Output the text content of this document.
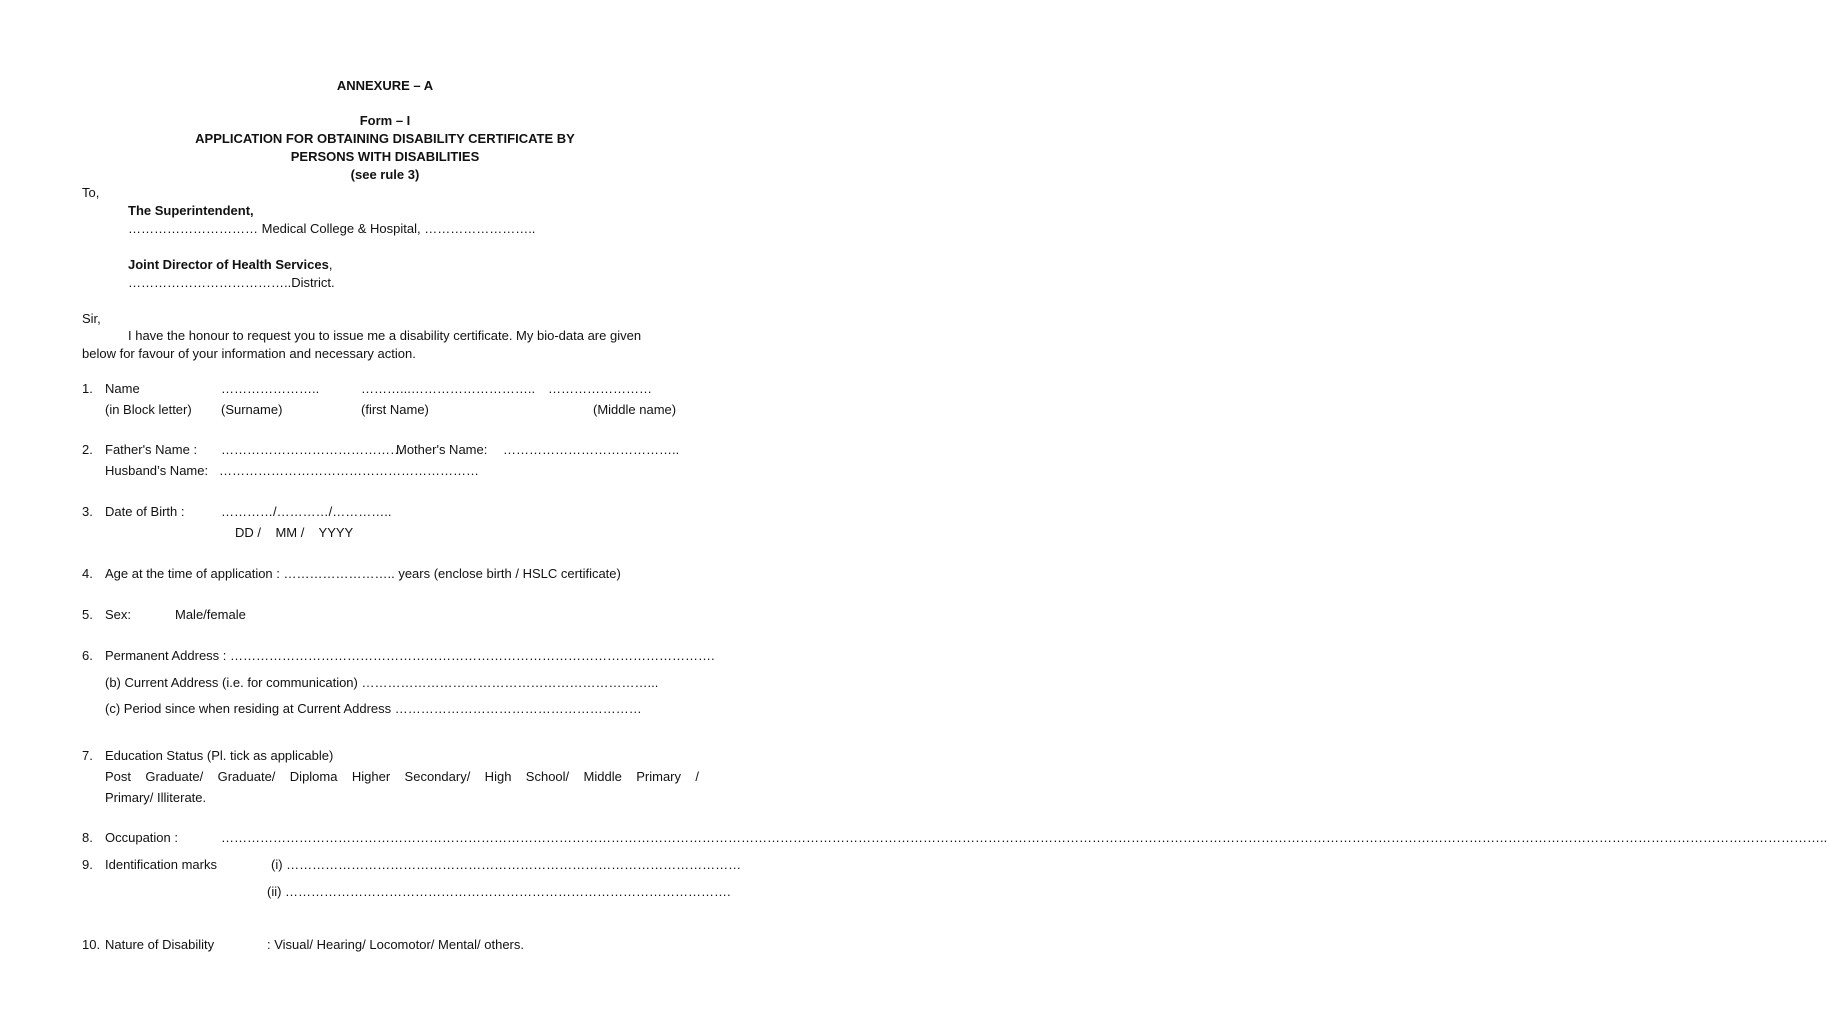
ANNEXURE – A
Form – I
APPLICATION FOR OBTAINING DISABILITY CERTIFICATE BY
PERSONS WITH DISABILITIES
(see rule 3)
To,
The Superintendent,
………………………… Medical College & Hospital, ……………………..
Joint Director of Health Services,
………………………………..District.
Sir,
I have the honour to request you to issue me a disability certificate. My bio-data are given
below for favour of your information and necessary action.
1. Name	…………………..	………...……………………….. ……………………
(in Block letter) (Surname)	(first Name)	(Middle name)
2. Father's Name : ……………………………………
Mother's Name: …………………………………..
Husband’s Name: ……………………………………………………
3. Date of Birth :	…………/…………/…………..
DD /    MM /    YYYY
4. Age at the time of application : …………………….. years (enclose birth / HSLC certificate)
5. Sex:	Male/female
6. Permanent Address : ………………………………………………………………………………………………….
(b) Current Address (i.e. for communication) …………………………………………………………...
(c) Period since when residing at Current Address …………………………………………………
7. Education Status (Pl. tick as applicable)
Post Graduate/ Graduate/ Diploma Higher Secondary/ High School/ Middle Primary /
Primary/ Illiterate.
8. Occupation :	………………………………………………………………………………………………………………………………………………………………………………………………………………………………………………………………………………………………………………………………………..
9. Identification marks	(i) ……………………………………………………………………………………………
(ii) ………………………………………………………………………………………….
10. Nature of Disability	: Visual/ Hearing/ Locomotor/ Mental/ others.
